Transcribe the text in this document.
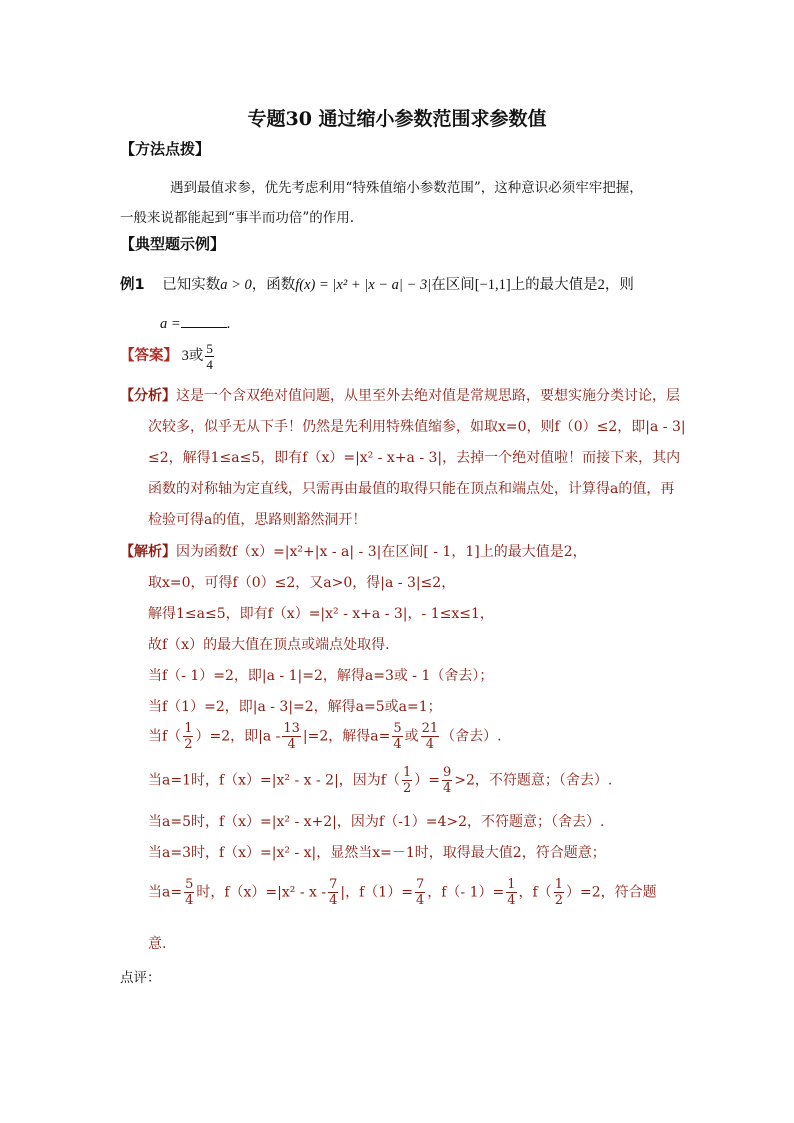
专题30 通过缩小参数范围求参数值
【方法点拨】
遇到最值求参，优先考虑利用“特殊值缩小参数范围”，这种意识必须牢牢把握，
一般来说都能起到“事半而功倍”的作用.
【典型题示例】
例1 已知实数a > 0，函数f(x) = |x² + |x − a| − 3|在区间[−1,1]上的最大值是2，则
a =	.
【答案】 3或 $\frac{5}{4}$
【分析】这是一个含双绝对值问题，从里至外去绝对值是常规思路，要想实施分类讨论，层
次较多，似乎无从下手！仍然是先利用特殊值缩参，如取x=0，则f（0）≤2，即|a - 3|
≤2，解得1≤a≤5，即有f（x）=|x² - x+a - 3|，去掉一个绝对值啦！而接下来，其内
函数的对称轴为定直线，只需再由最值的取得只能在顶点和端点处，计算得a的值，再
检验可得a的值，思路则豁然洞开！
【解析】因为函数f（x）=|x²+|x - a| - 3|在区间[ - 1，1]上的最大值是2，
取x=0，可得f（0）≤2，又a>0，得|a - 3|≤2，
解得1≤a≤5，即有f（x）=|x² - x+a - 3|，- 1≤x≤1，
故f（x）的最大值在顶点或端点处取得.
当f（- 1）=2，即|a - 1|=2，解得a=3或 - 1（舍去）；
当f（1）=2，即|a - 3|=2，解得a=5或a=1；
当$f( \frac{1}{2} )=2$，即$|a - \frac{13}{4} |=2$，解得$a= \frac{5}{4}$ 或 $\frac{21}{4}$ （舍去）.
当a=1时，f（x）=|x² - x - 2|，因为$f( \frac{1}{2}$ ）= $\frac{9}{4} >2$，不符题意；（舍去）.
当a=5时，f（x）=|x² - x+2|，因为f（-1）=4>2，不符题意；（舍去）.
当a=3时，f（x）=|x² - x|，显然当x=－1时，取得最大值2，符合题意；
当$a= \frac{5}{4}$ 时，$f(x)=|x^2 - x - \frac{7}{4}$ |，$f(1)= \frac{7}{4}$ ，f（- $1)= \frac{1}{4}$ ，$f( \frac{1}{2} )=2$，符合题
意.
点评：
